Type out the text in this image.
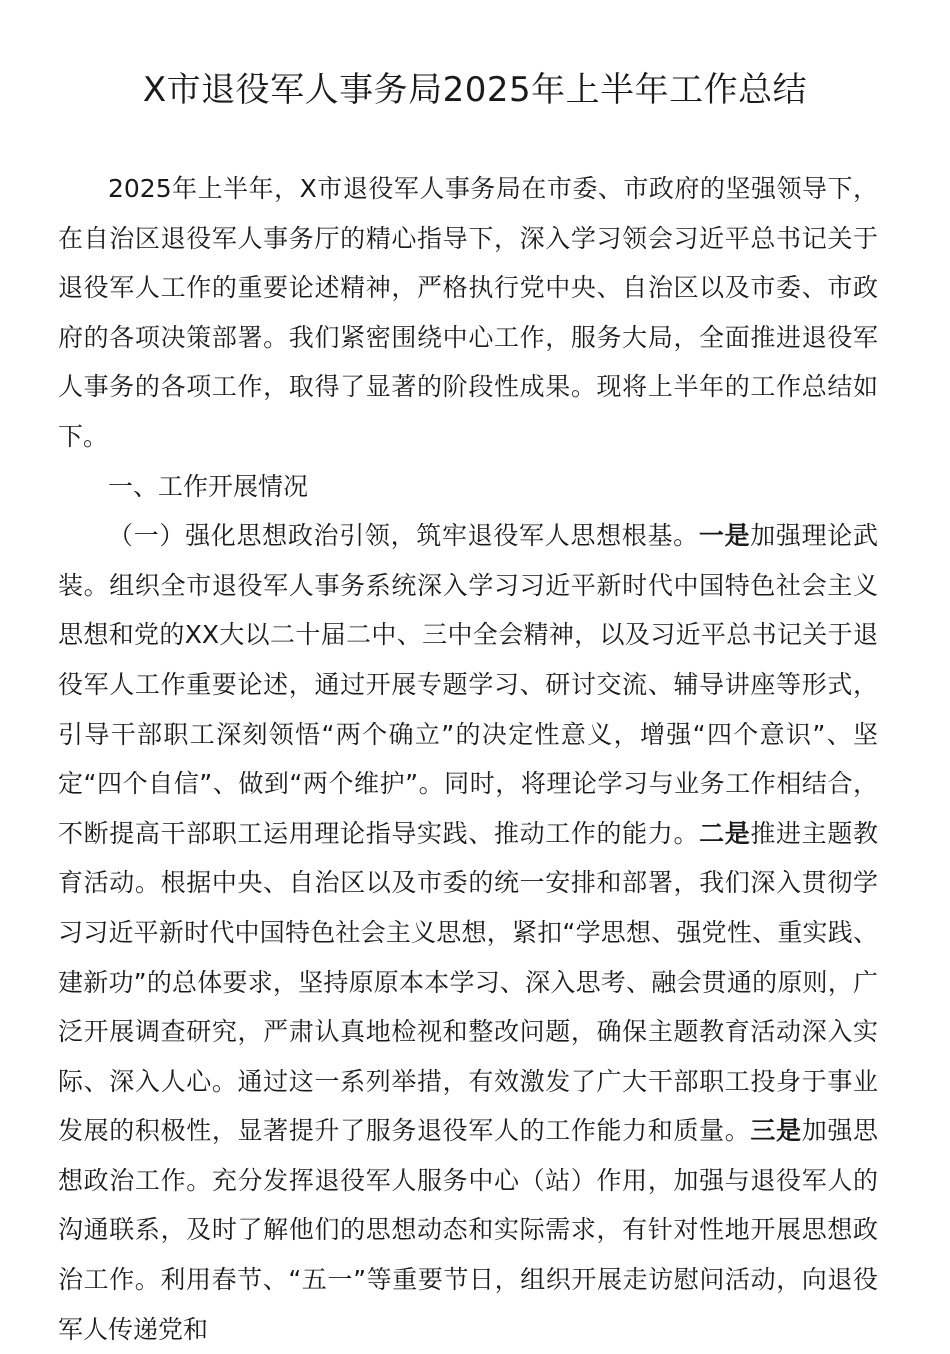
X市退役军人事务局2025年上半年工作总结

2025年上半年，X市退役军人事务局在市委、市政府的坚强领导下，在自治区退役军人事务厅的精心指导下，深入学习领会习近平总书记关于退役军人工作的重要论述精神，严格执行党中央、自治区以及市委、市政府的各项决策部署。我们紧密围绕中心工作，服务大局，全面推进退役军人事务的各项工作，取得了显著的阶段性成果。现将上半年的工作总结如下。

一、工作开展情况

（一）强化思想政治引领，筑牢退役军人思想根基。一是加强理论武装。组织全市退役军人事务系统深入学习习近平新时代中国特色社会主义思想和党的XX大以二十届二中、三中全会精神，以及习近平总书记关于退役军人工作重要论述，通过开展专题学习、研讨交流、辅导讲座等形式，引导干部职工深刻领悟“两个确立”的决定性意义，增强“四个意识”、坚定“四个自信”、做到“两个维护”。同时，将理论学习与业务工作相结合，不断提高干部职工运用理论指导实践、推动工作的能力。二是推进主题教育活动。根据中央、自治区以及市委的统一安排和部署，我们深入贯彻学习习近平新时代中国特色社会主义思想，紧扣“学思想、强党性、重实践、建新功”的总体要求，坚持原原本本学习、深入思考、融会贯通的原则，广泛开展调查研究，严肃认真地检视和整改问题，确保主题教育活动深入实际、深入人心。通过这一系列举措，有效激发了广大干部职工投身于事业发展的积极性，显著提升了服务退役军人的工作能力和质量。三是加强思想政治工作。充分发挥退役军人服务中心（站）作用，加强与退役军人的沟通联系，及时了解他们的思想动态和实际需求，有针对性地开展思想政治工作。利用春节、“五一”等重要节日，组织开展走访慰问活动，向退役军人传递党和
